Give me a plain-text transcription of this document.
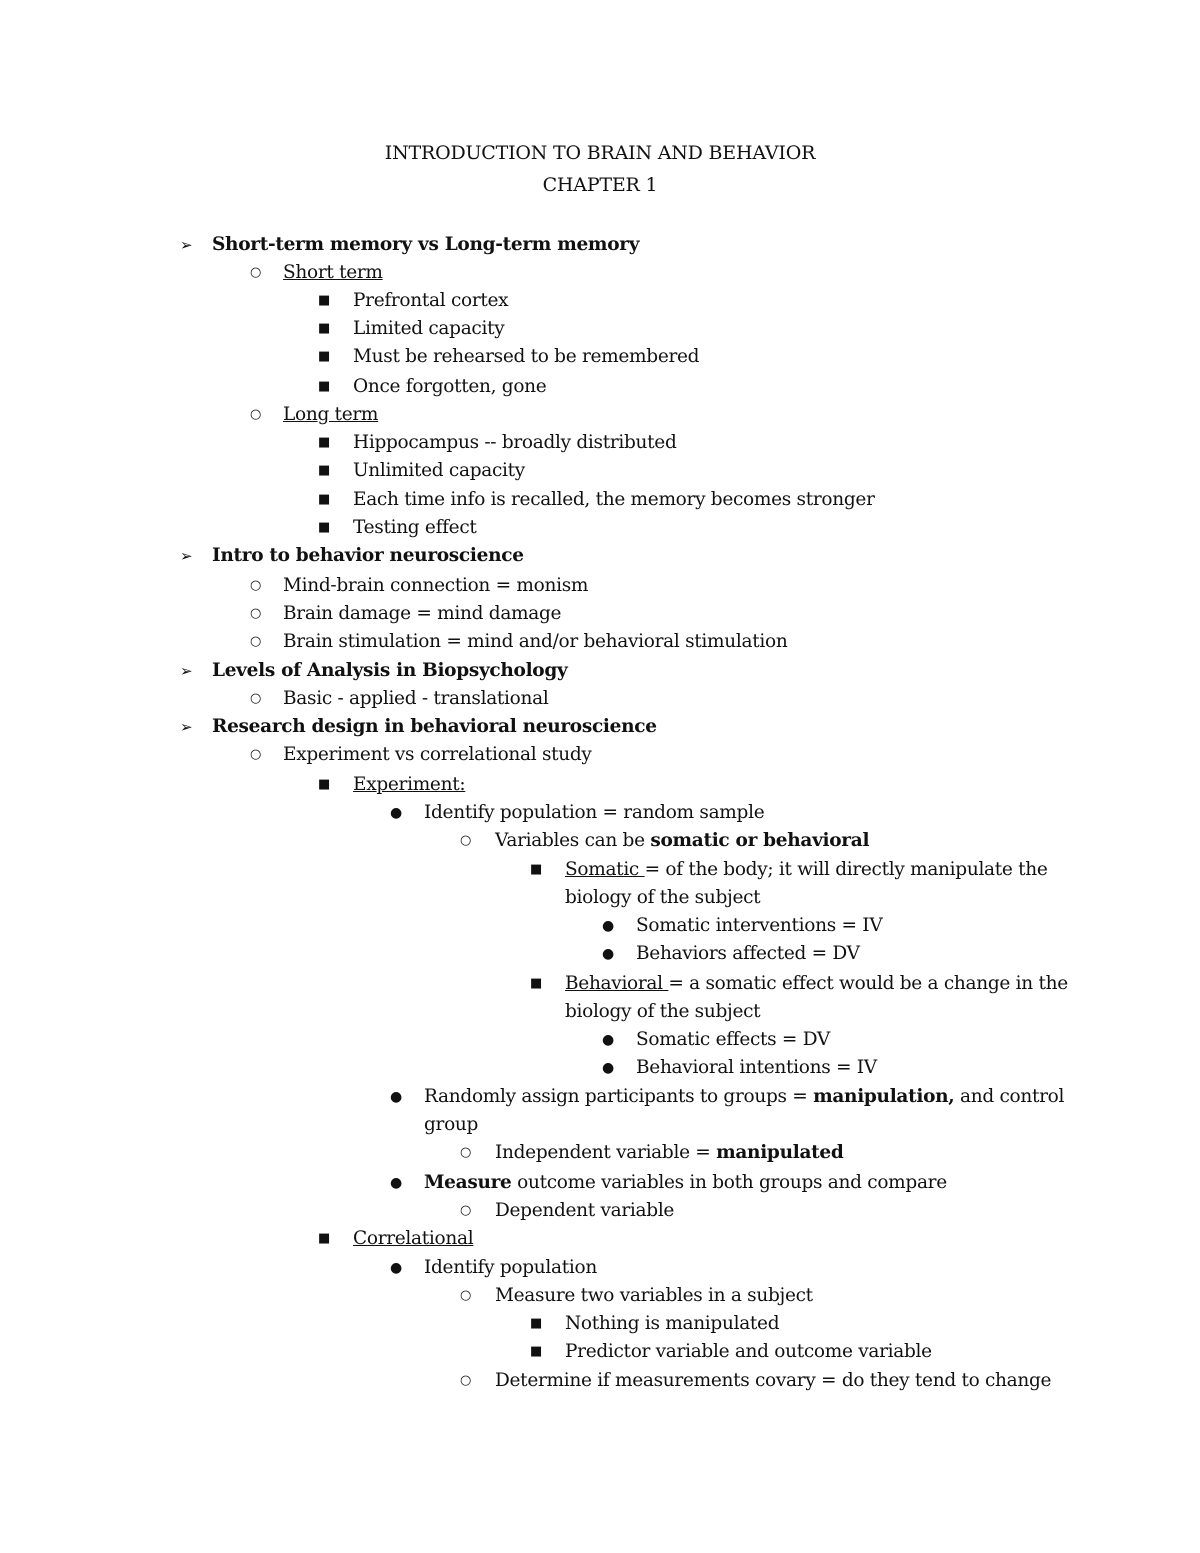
INTRODUCTION TO BRAIN AND BEHAVIOR
CHAPTER 1
➢ Short-term memory vs Long-term memory
○ Short term
■ Prefrontal cortex
■ Limited capacity
■ Must be rehearsed to be remembered
■ Once forgotten, gone
○ Long term
■ Hippocampus -- broadly distributed
■ Unlimited capacity
■ Each time info is recalled, the memory becomes stronger
■ Testing effect
➢ Intro to behavior neuroscience
○ Mind-brain connection = monism
○ Brain damage = mind damage
○ Brain stimulation = mind and/or behavioral stimulation
➢ Levels of Analysis in Biopsychology
○ Basic - applied - translational
➢ Research design in behavioral neuroscience
○ Experiment vs correlational study
■ Experiment:
● Identify population = random sample
○ Variables can be somatic or behavioral
■ Somatic = of the body; it will directly manipulate the
biology of the subject
● Somatic interventions = IV
● Behaviors affected = DV
■ Behavioral = a somatic effect would be a change in the
biology of the subject
● Somatic effects = DV
● Behavioral intentions = IV
● Randomly assign participants to groups = manipulation, and control
group
○ Independent variable = manipulated
● Measure outcome variables in both groups and compare
○ Dependent variable
■ Correlational
● Identify population
○ Measure two variables in a subject
■ Nothing is manipulated
■ Predictor variable and outcome variable
○ Determine if measurements covary = do they tend to change
